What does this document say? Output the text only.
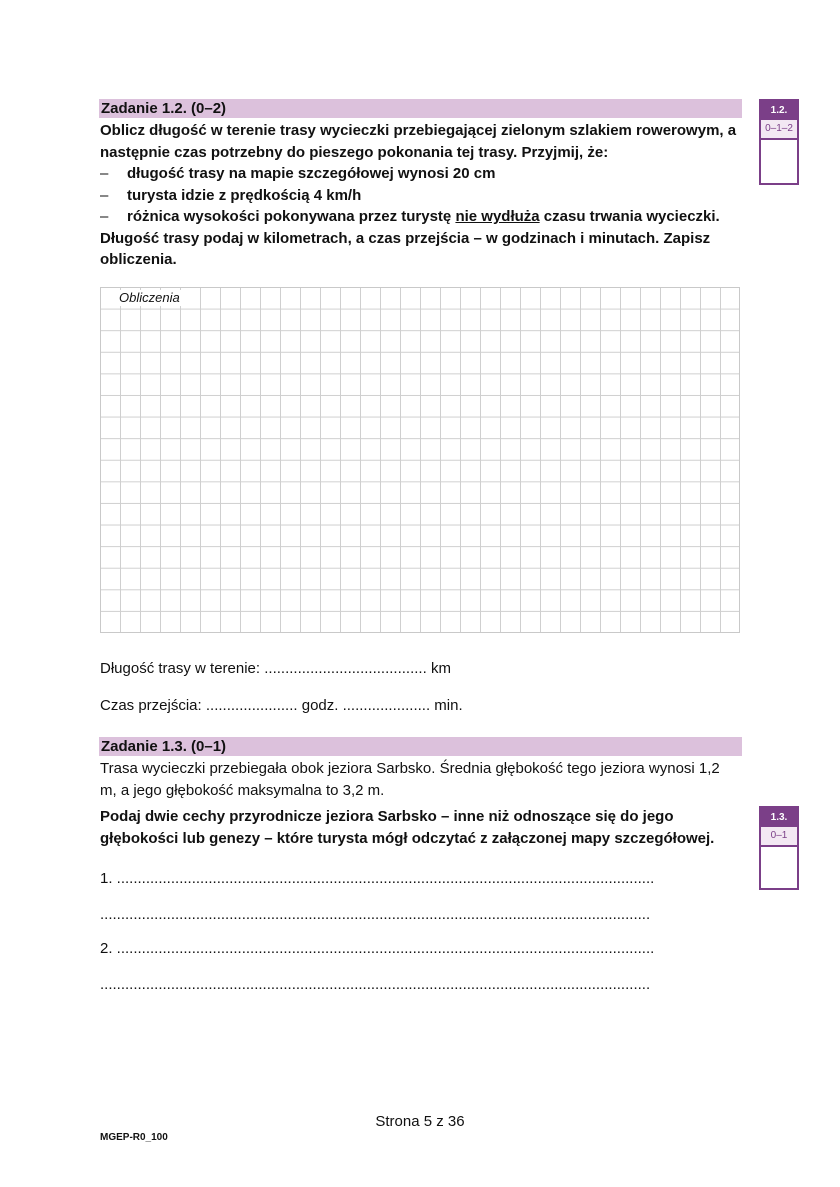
Zadanie 1.2. (0–2)
Oblicz długość w terenie trasy wycieczki przebiegającej zielonym szlakiem rowerowym, a następnie czas potrzebny do pieszego pokonania tej trasy. Przyjmij, że:
–	długość trasy na mapie szczegółowej wynosi 20 cm
–	turysta idzie z prędkością 4 km/h
–	różnica wysokości pokonywana przez turystę nie wydłuża czasu trwania wycieczki.
Długość trasy podaj w kilometrach, a czas przejścia – w godzinach i minutach. Zapisz obliczenia.
Obliczenia
Długość trasy w terenie: ....................................... km
Czas przejścia: ...................... godz. ..................... min.
1.2.
0–1–2
Zadanie 1.3. (0–1)
Trasa wycieczki przebiegała obok jeziora Sarbsko. Średnia głębokość tego jeziora wynosi 1,2 m, a jego głębokość maksymalna to 3,2 m.
Podaj dwie cechy przyrodnicze jeziora Sarbsko – inne niż odnoszące się do jego głębokości lub genezy – które turysta mógł odczytać z załączonej mapy szczegółowej.
1. .................................................................................................................................
....................................................................................................................................
2. .................................................................................................................................
....................................................................................................................................
1.3.
0–1
Strona 5 z 36
MGEP-R0_100
